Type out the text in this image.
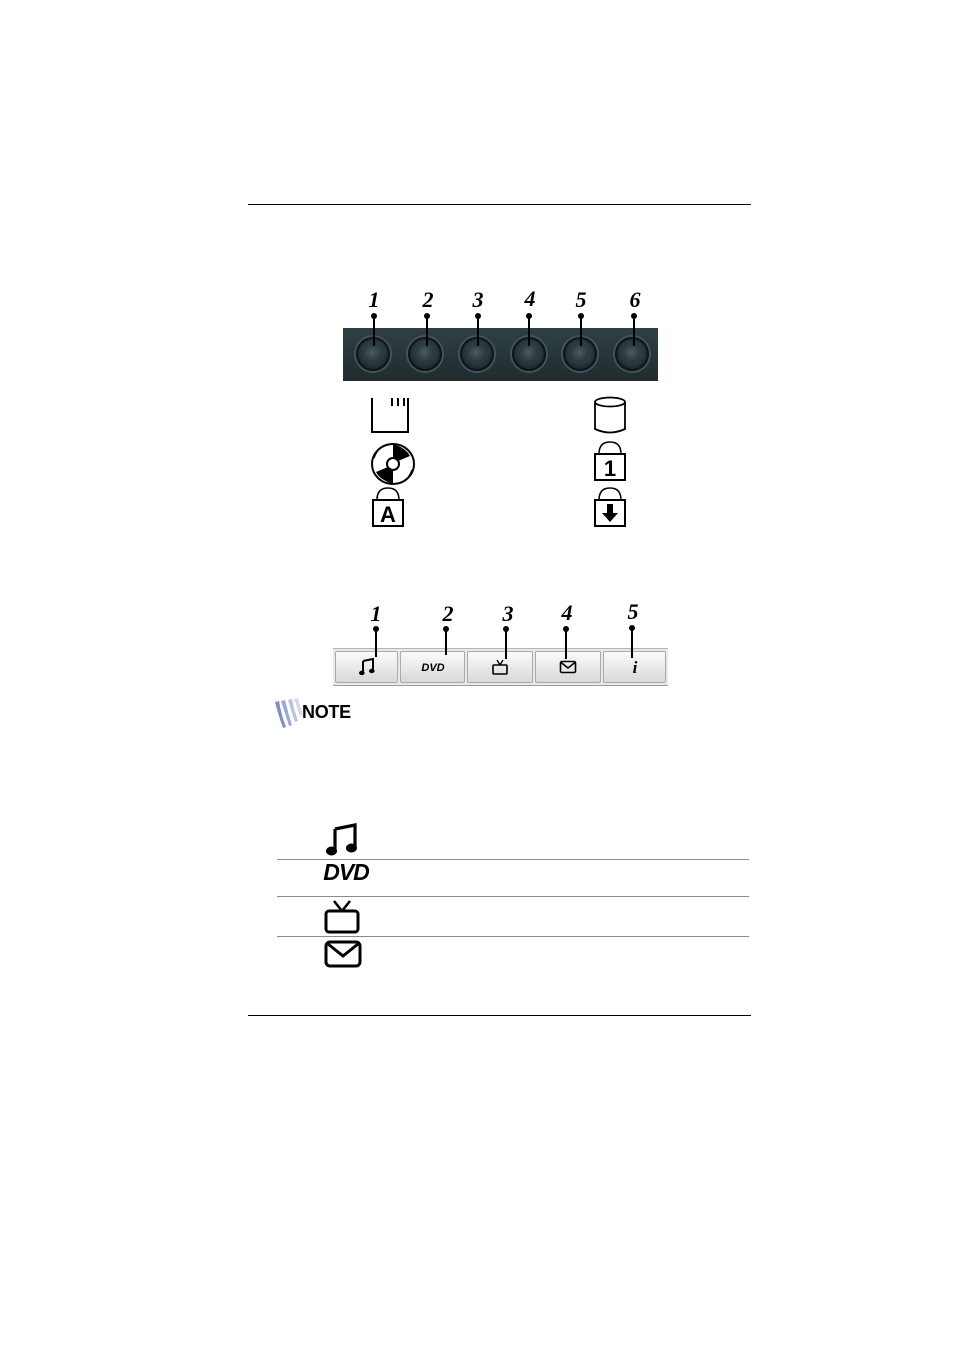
1 2 3 4 5 6
A
1
1	2 3 4	5
DVD	i
NOTE
DVD
